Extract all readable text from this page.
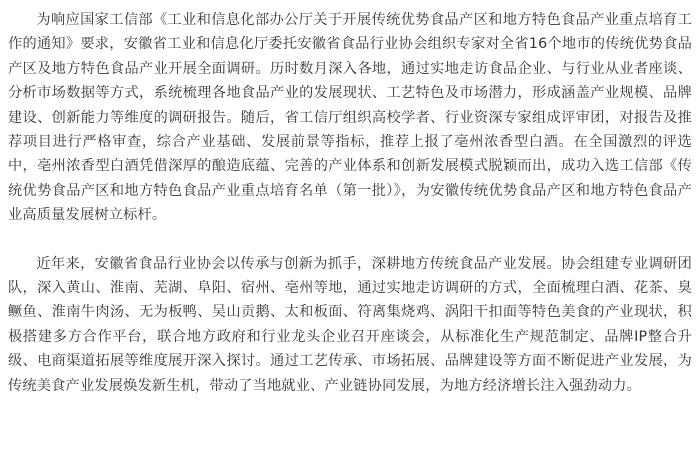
为响应国家工信部《工业和信息化部办公厅关于开展传统优势食品产区和地方特色食品产业重点培育工作的通知》要求，安徽省工业和信息化厅委托安徽省食品行业协会组织专家对全省16个地市的传统优势食品产区及地方特色食品产业开展全面调研。历时数月深入各地，通过实地走访食品企业、与行业从业者座谈、分析市场数据等方式，系统梳理各地食品产业的发展现状、工艺特色及市场潜力，形成涵盖产业规模、品牌建设、创新能力等维度的调研报告。随后，省工信厅组织高校学者、行业资深专家组成评审团，对报告及推荐项目进行严格审查，综合产业基础、发展前景等指标，推荐上报了亳州浓香型白酒。在全国激烈的评选中，亳州浓香型白酒凭借深厚的酿造底蕴、完善的产业体系和创新发展模式脱颖而出，成功入选工信部《传统优势食品产区和地方特色食品产业重点培育名单（第一批）》，为安徽传统优势食品产区和地方特色食品产业高质量发展树立标杆。

近年来，安徽省食品行业协会以传承与创新为抓手，深耕地方传统食品产业发展。协会组建专业调研团队，深入黄山、淮南、芜湖、阜阳、宿州、亳州等地，通过实地走访调研的方式，全面梳理白酒、花茶、臭鳜鱼、淮南牛肉汤、无为板鸭、吴山贡鹅、太和板面、符离集烧鸡、涡阳干扣面等特色美食的产业现状，积极搭建多方合作平台，联合地方政府和行业龙头企业召开座谈会，从标准化生产规范制定、品牌IP整合升级、电商渠道拓展等维度展开深入探讨。通过工艺传承、市场拓展、品牌建设等方面不断促进产业发展，为传统美食产业发展焕发新生机，带动了当地就业、产业链协同发展，为地方经济增长注入强劲动力。
